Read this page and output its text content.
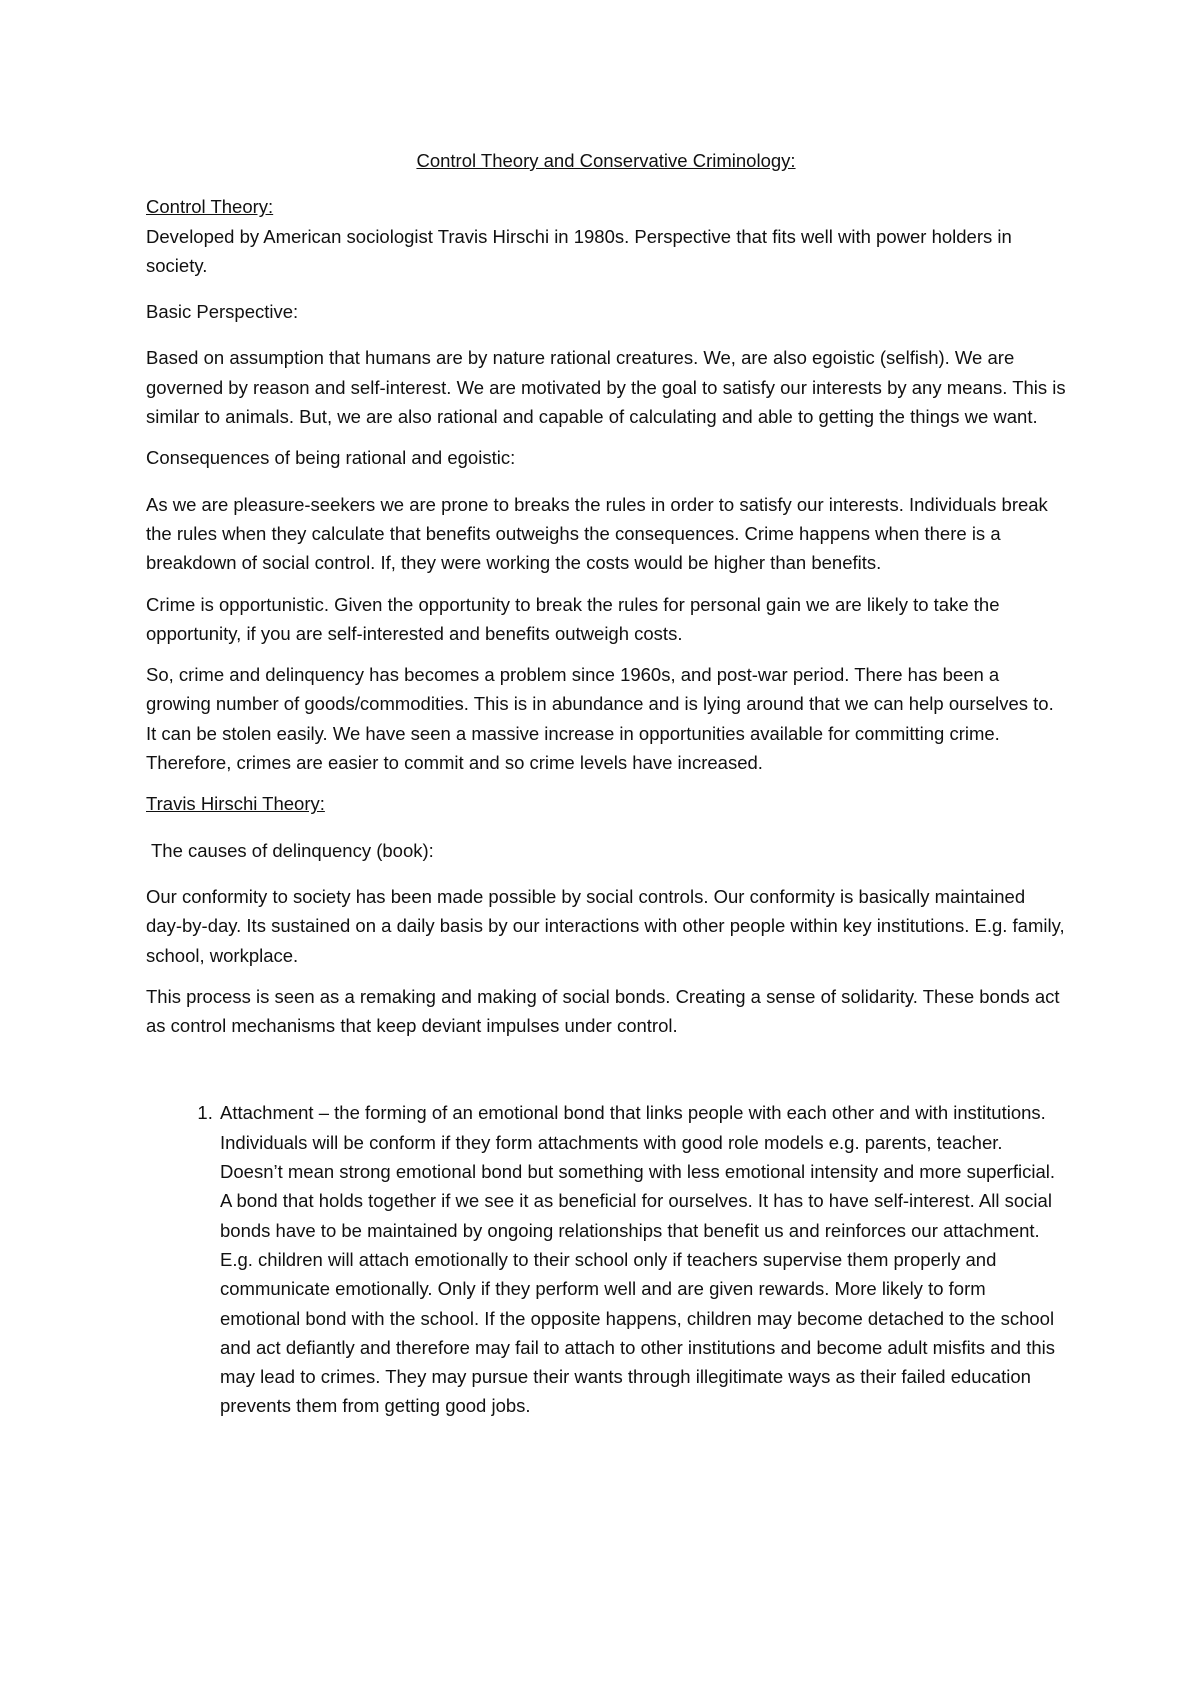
Control Theory and Conservative Criminology:

Control Theory:

Developed by American sociologist Travis Hirschi in 1980s. Perspective that fits well with power holders in society.

Basic Perspective:

Based on assumption that humans are by nature rational creatures. We, are also egoistic (selfish). We are governed by reason and self-interest. We are motivated by the goal to satisfy our interests by any means. This is similar to animals. But, we are also rational and capable of calculating and able to getting the things we want.

Consequences of being rational and egoistic:

As we are pleasure-seekers we are prone to breaks the rules in order to satisfy our interests. Individuals break the rules when they calculate that benefits outweighs the consequences. Crime happens when there is a breakdown of social control. If, they were working the costs would be higher than benefits.

Crime is opportunistic. Given the opportunity to break the rules for personal gain we are likely to take the opportunity, if you are self-interested and benefits outweigh costs.

So, crime and delinquency has becomes a problem since 1960s, and post-war period. There has been a growing number of goods/commodities. This is in abundance and is lying around that we can help ourselves to. It can be stolen easily. We have seen a massive increase in opportunities available for committing crime. Therefore, crimes are easier to commit and so crime levels have increased.

Travis Hirschi Theory:

The causes of delinquency (book):

Our conformity to society has been made possible by social controls. Our conformity is basically maintained day-by-day. Its sustained on a daily basis by our interactions with other people within key institutions. E.g. family, school, workplace.

This process is seen as a remaking and making of social bonds. Creating a sense of solidarity. These bonds act as control mechanisms that keep deviant impulses under control.

1. Attachment – the forming of an emotional bond that links people with each other and with institutions. Individuals will be conform if they form attachments with good role models e.g. parents, teacher. Doesn’t mean strong emotional bond but something with less emotional intensity and more superficial. A bond that holds together if we see it as beneficial for ourselves. It has to have self-interest. All social bonds have to be maintained by ongoing relationships that benefit us and reinforces our attachment. E.g. children will attach emotionally to their school only if teachers supervise them properly and communicate emotionally. Only if they perform well and are given rewards. More likely to form emotional bond with the school. If the opposite happens, children may become detached to the school and act defiantly and therefore may fail to attach to other institutions and become adult misfits and this may lead to crimes. They may pursue their wants through illegitimate ways as their failed education prevents them from getting good jobs.
